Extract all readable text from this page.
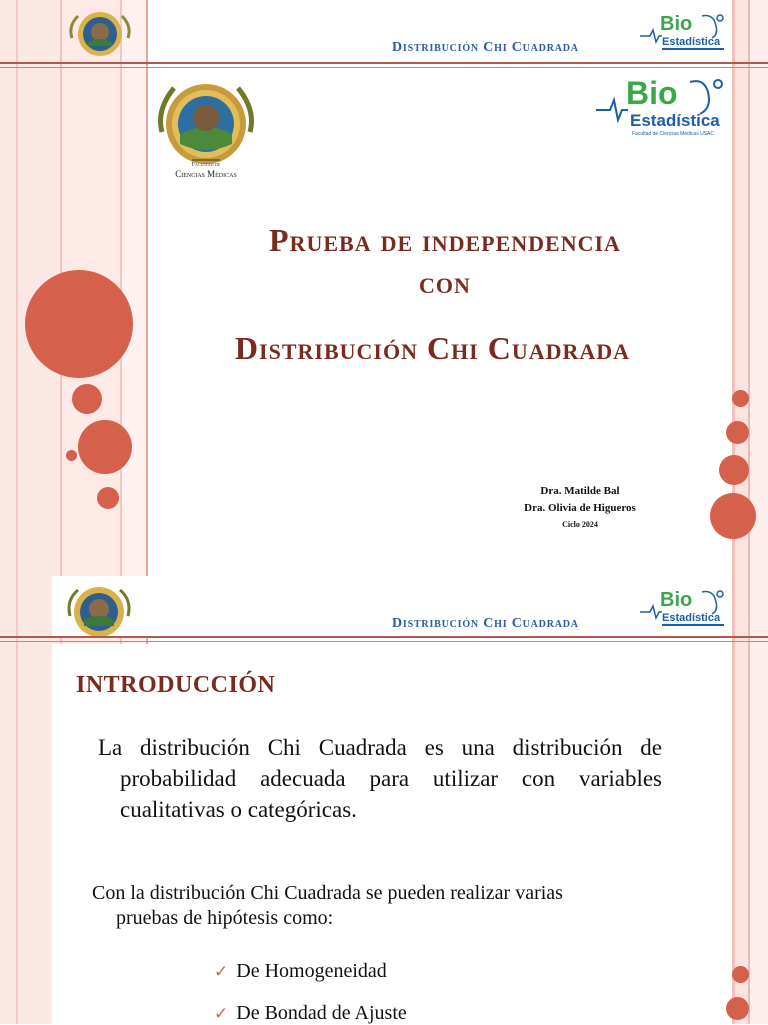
Distribución Chi Cuadrada
Bio
Estadística
Facultad de
Ciencias Médicas
Bio
Estadística
Facultad de Ciencias Médicas USAC
Prueba de independencia
con
Distribución Chi Cuadrada
Dra. Matilde Bal
Dra. Olivia de Higueros
Ciclo 2024
Distribución Chi Cuadrada
Bio
Estadística
INTRODUCCIÓN
La distribución Chi Cuadrada es una distribución de probabilidad adecuada para utilizar con variables cualitativas o categóricas.
Con la distribución Chi Cuadrada se pueden realizar varias pruebas de hipótesis como:
✓ De Homogeneidad
✓ De Bondad de Ajuste
